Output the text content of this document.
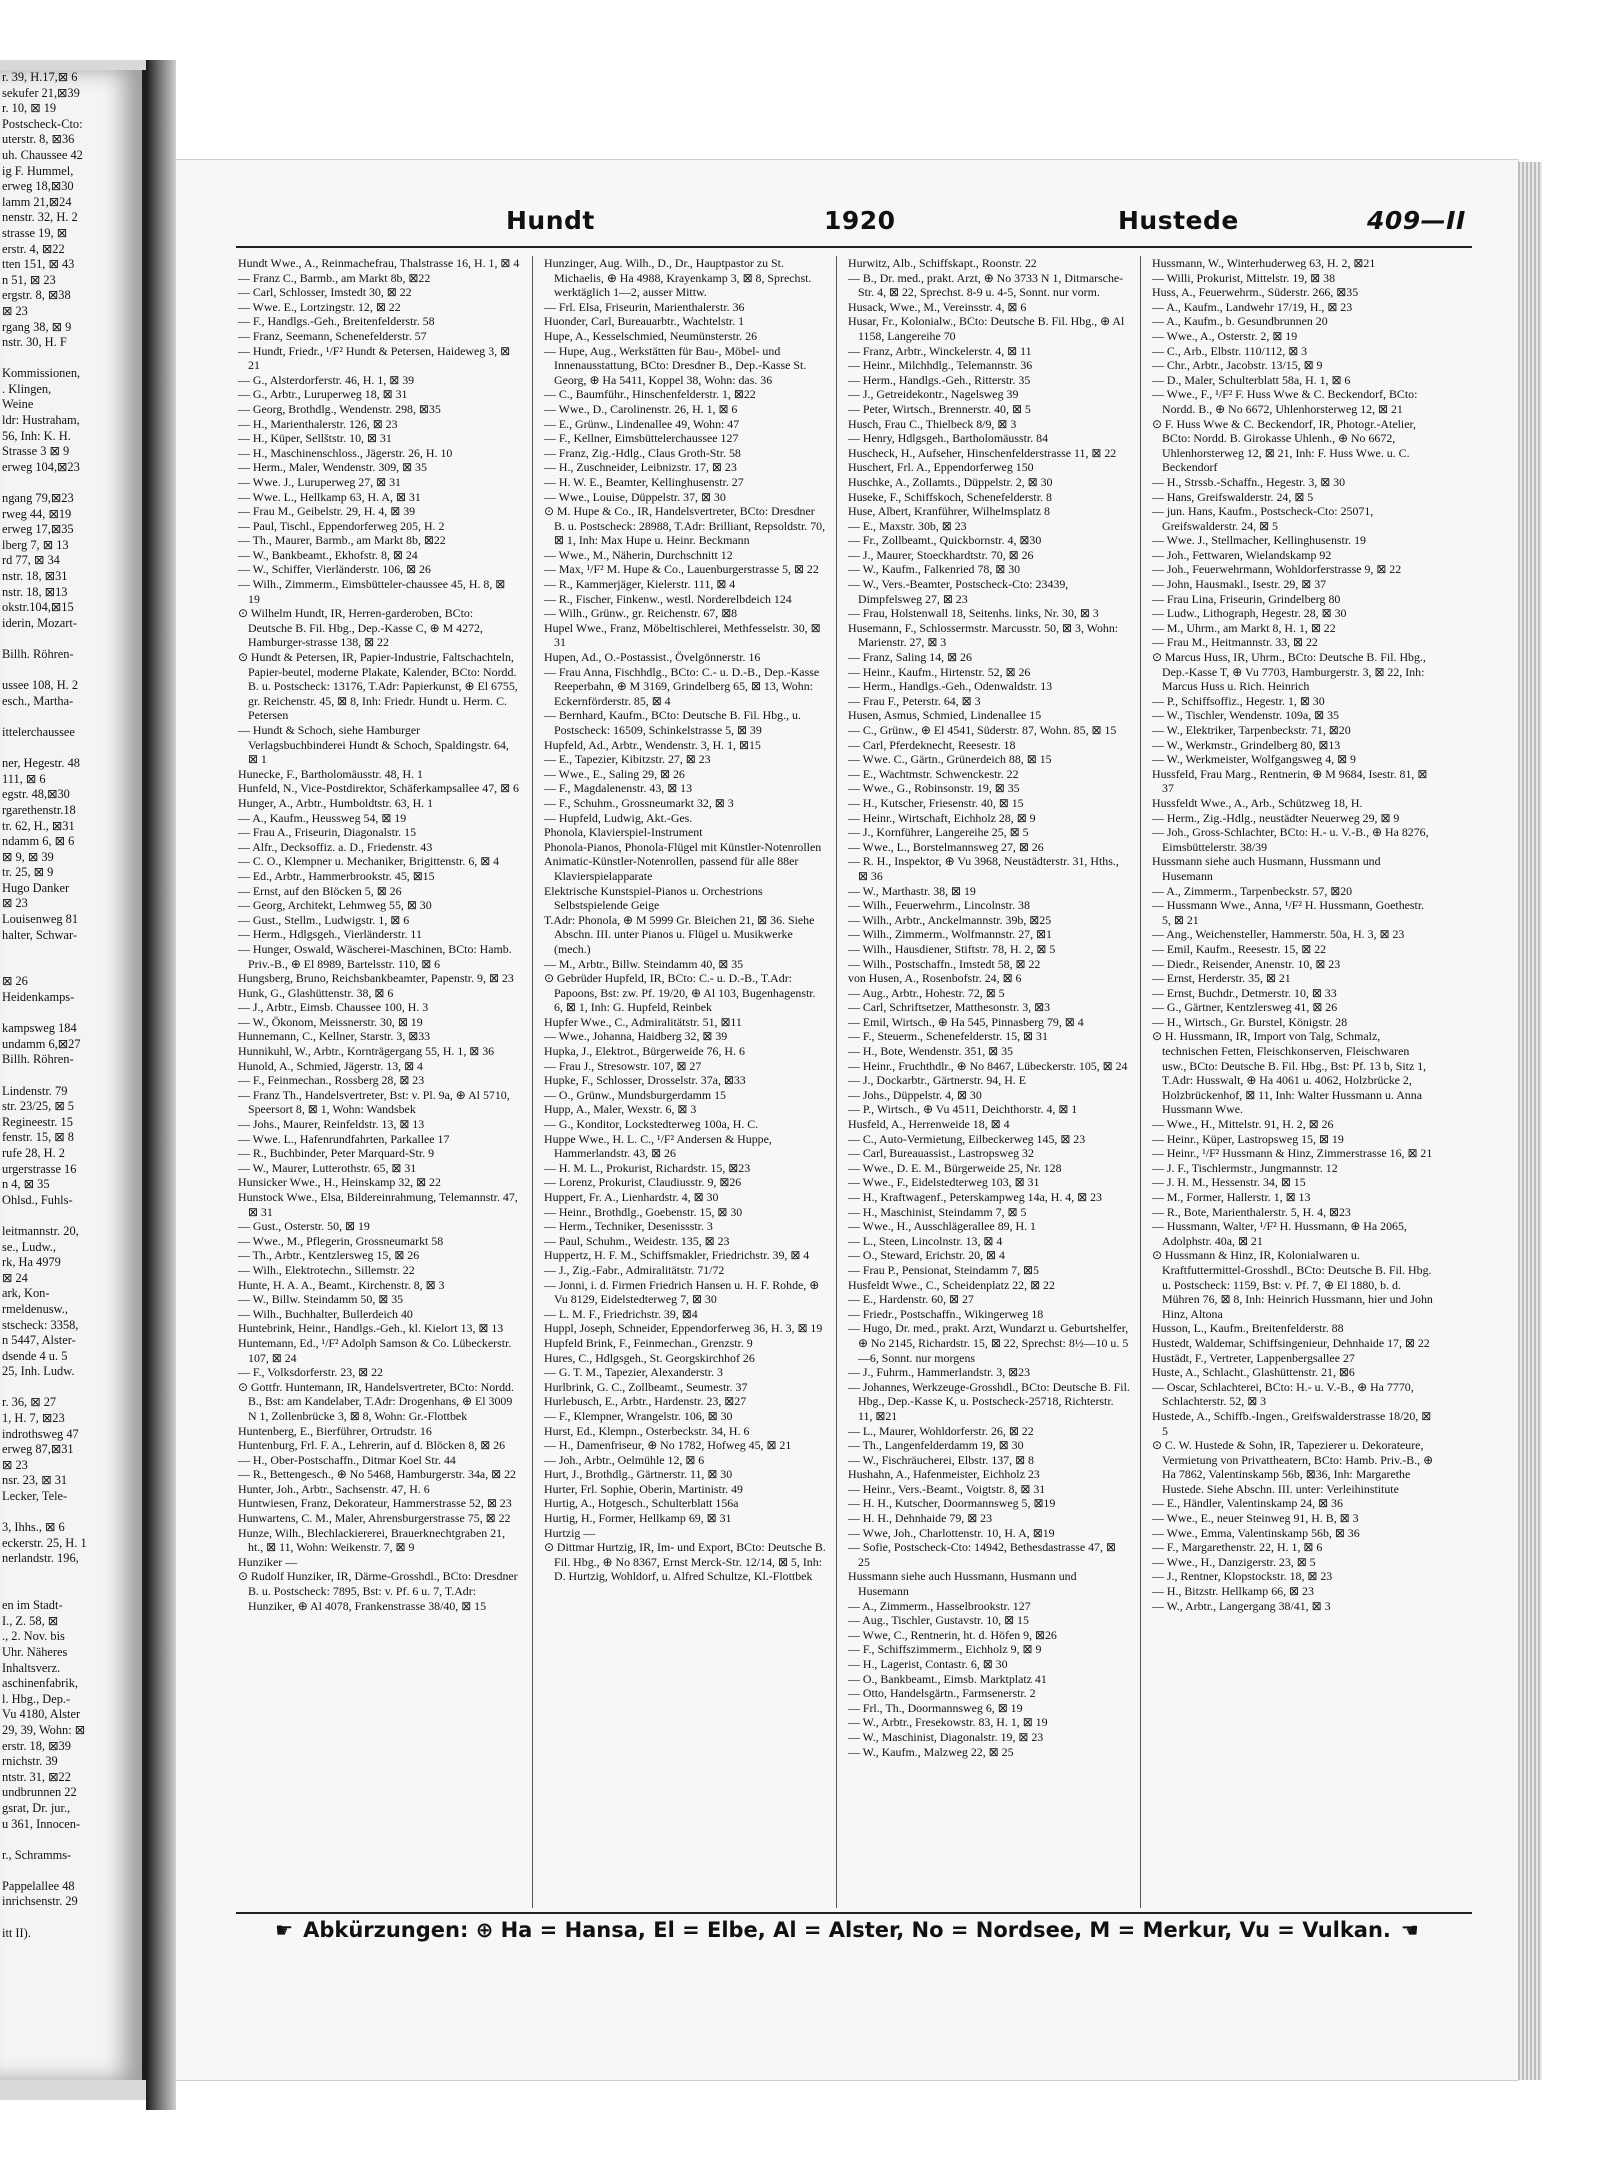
r. 39, H.17,⊠ 6
sekufer 21,⊠39
r. 10, ⊠ 19
Postscheck-Cto:
uterstr. 8, ⊠36
uh. Chaussee 42
ig F. Hummel,
erweg 18,⊠30
lamm 21,⊠24
nenstr. 32, H. 2
strasse 19, ⊠
erstr. 4, ⊠22
tten 151, ⊠ 43
n 51, ⊠ 23
ergstr. 8, ⊠38
⊠ 23
rgang 38, ⊠ 9
nstr. 30, H. F

Kommissionen,
. Klingen,
Weine
ldr: Hustraham,
56, Inh: K. H.
Strasse 3 ⊠ 9
erweg 104,⊠23

ngang 79,⊠23
rweg 44, ⊠19
erweg 17,⊠35
lberg 7, ⊠ 13
rd 77, ⊠ 34
nstr. 18, ⊠31
nstr. 18, ⊠13
okstr.104,⊠15
iderin, Mozart-

Billh. Röhren-

ussee 108, H. 2
esch., Martha-

ittelerchaussee

ner, Hegestr. 48
111, ⊠ 6
egstr. 48,⊠30
rgarethenstr.18
tr. 62, H., ⊠31
ndamm 6, ⊠ 6
⊠ 9, ⊠ 39
tr. 25, ⊠ 9
Hugo Danker
⊠ 23
Louisenweg 81
halter, Schwar-

⊠ 26
Heidenkamps-

kampsweg 184
undamm 6,⊠27
Billh. Röhren-

Lindenstr. 79
str. 23/25, ⊠ 5
Regineestr. 15
fenstr. 15, ⊠ 8
rufe 28, H. 2
urgerstrasse 16
n 4, ⊠ 35
Ohlsd., Fuhls-

leitmannstr. 20,
se., Ludw.,
rk, Ha 4979
⊠ 24
ark, Kon-
rmeldenusw.,
stscheck: 3358,
n 5447, Alster-
dsende 4 u. 5
25, Inh. Ludw.

r. 36, ⊠ 27
1, H. 7, ⊠23
indrothsweg 47
erweg 87,⊠31
⊠ 23
nsr. 23, ⊠ 31
Lecker, Tele-

3, Ihhs., ⊠ 6
eckerstr. 25, H. 1
nerlandstr. 196,

en im Stadt-
I., Z. 58, ⊠
., 2. Nov. bis
Uhr. Näheres
Inhaltsverz.
aschinenfabrik,
l. Hbg., Dep.-
Vu 4180, Alster
29, 39, Wohn: ⊠
erstr. 18, ⊠39
rnichstr. 39
ntstr. 31, ⊠22
undbrunnen 22
gsrat, Dr. jur.,
u 361, Innocen-

r., Schramms-

Pappelallee 48
inrichsenstr. 29

itt II).
Hundt	1920	Hustede	409—II

Hundt Wwe., A., Reinmachefrau, Thalstrasse 16, H. 1, ⊠ 4

— Franz C., Barmb., am Markt 8b, ⊠22

— Carl, Schlosser, Imstedt 30, ⊠ 22

— Wwe. E., Lortzingstr. 12, ⊠ 22

— F., Handlgs.-Geh., Breitenfelderstr. 58

— Franz, Seemann, Schenefelderstr. 57

— Hundt, Friedr., ¹/F² Hundt & Petersen, Haideweg 3, ⊠ 21

— G., Alsterdorferstr. 46, H. 1, ⊠ 39

— G., Arbtr., Luruperweg 18, ⊠ 31

— Georg, Brothdlg., Wendenstr. 298, ⊠35

— H., Marienthalerstr. 126, ⊠ 23

— H., Küper, Sellštstr. 10, ⊠ 31

— H., Maschinenschloss., Jägerstr. 26, H. 10

— Herm., Maler, Wendenstr. 309, ⊠ 35

— Wwe. J., Luruperweg 27, ⊠ 31

— Wwe. L., Hellkamp 63, H. A, ⊠ 31

— Frau M., Geibelstr. 29, H. 4, ⊠ 39

— Paul, Tischl., Eppendorferweg 205, H. 2

— Th., Maurer, Barmb., am Markt 8b, ⊠22

— W., Bankbeamt., Ekhofstr. 8, ⊠ 24

— W., Schiffer, Vierländerstr. 106, ⊠ 26

— Wilh., Zimmerm., Eimsbütteler-chaussee 45, H. 8, ⊠ 19

⊙ Wilhelm Hundt, IR, Herren-garderoben, BCto: Deutsche B. Fil. Hbg., Dep.-Kasse C, ⊕ M 4272, Hamburger-strasse 138, ⊠ 22

⊙ Hundt & Petersen, IR, Papier-Industrie, Faltschachteln, Papier-beutel, moderne Plakate, Kalender, BCto: Nordd. B. u. Postscheck: 13176, T.Adr: Papierkunst, ⊕ El 6755, gr. Reichenstr. 45, ⊠ 8, Inh: Friedr. Hundt u. Herm. C. Petersen

— Hundt & Schoch, siehe Hamburger Verlagsbuchbinderei Hundt & Schoch, Spaldingstr. 64, ⊠ 1

Hunecke, F., Bartholomäusstr. 48, H. 1

Hunfeld, N., Vice-Postdirektor, Schäferkampsallee 47, ⊠ 6

Hunger, A., Arbtr., Humboldtstr. 63, H. 1

— A., Kaufm., Heussweg 54, ⊠ 19

— Frau A., Friseurin, Diagonalstr. 15

— Alfr., Decksoffiz. a. D., Friedenstr. 43

— C. O., Klempner u. Mechaniker, Brigittenstr. 6, ⊠ 4

— Ed., Arbtr., Hammerbrookstr. 45, ⊠15

— Ernst, auf den Blöcken 5, ⊠ 26

— Georg, Architekt, Lehmweg 55, ⊠ 30

— Gust., Stellm., Ludwigstr. 1, ⊠ 6

— Herm., Hdlgsgeh., Vierländerstr. 11

— Hunger, Oswald, Wäscherei-Maschinen, BCto: Hamb. Priv.-B., ⊕ El 8989, Bartelsstr. 110, ⊠ 6

Hungsberg, Bruno, Reichsbankbeamter, Papenstr. 9, ⊠ 23

Hunk, G., Glashüttenstr. 38, ⊠ 6

— J., Arbtr., Eimsb. Chaussee 100, H. 3

— W., Ökonom, Meissnerstr. 30, ⊠ 19

Hunnemann, C., Kellner, Starstr. 3, ⊠33

Hunnikuhl, W., Arbtr., Kornträgergang 55, H. 1, ⊠ 36

Hunold, A., Schmied, Jägerstr. 13, ⊠ 4

— F., Feinmechan., Rossberg 28, ⊠ 23

— Franz Th., Handelsvertreter, Bst: v. Pl. 9a, ⊕ Al 5710, Speersort 8, ⊠ 1, Wohn: Wandsbek

— Johs., Maurer, Reinfeldstr. 13, ⊠ 13

— Wwe. L., Hafenrundfahrten, Parkallee 17

— R., Buchbinder, Peter Marquard-Str. 9

— W., Maurer, Lutterothstr. 65, ⊠ 31

Hunsicker Wwe., H., Heinskamp 32, ⊠ 22

Hunstock Wwe., Elsa, Bildereinrahmung, Telemannstr. 47, ⊠ 31

— Gust., Osterstr. 50, ⊠ 19

— Wwe., M., Pflegerin, Grossneumarkt 58

— Th., Arbtr., Kentzlersweg 15, ⊠ 26

— Wilh., Elektrotechn., Sillemstr. 22

Hunte, H. A. A., Beamt., Kirchenstr. 8, ⊠ 3

— W., Billw. Steindamm 50, ⊠ 35

— Wilh., Buchhalter, Bullerdeich 40

Huntebrink, Heinr., Handlgs.-Geh., kl. Kielort 13, ⊠ 13

Huntemann, Ed., ¹/F² Adolph Samson & Co. Lübeckerstr. 107, ⊠ 24

— F., Volksdorferstr. 23, ⊠ 22

⊙ Gottfr. Huntemann, IR, Handelsvertreter, BCto: Nordd. B., Bst: am Kandelaber, T.Adr: Drogenhans, ⊕ El 3009 N 1, Zollenbrücke 3, ⊠ 8, Wohn: Gr.-Flottbek

Huntenberg, E., Bierführer, Ortrudstr. 16

Huntenburg, Frl. F. A., Lehrerin, auf d. Blöcken 8, ⊠ 26

— H., Ober-Postschaffn., Ditmar Koel Str. 44

— R., Bettengesch., ⊕ No 5468, Hamburgerstr. 34a, ⊠ 22

Hunter, Joh., Arbtr., Sachsenstr. 47, H. 6

Huntwiesen, Franz, Dekorateur, Hammerstrasse 52, ⊠ 23

Hunwartens, C. M., Maler, Ahrensburgerstrasse 75, ⊠ 22

Hunze, Wilh., Blechlackiererei, Brauerknechtgraben 21, ht., ⊠ 11, Wohn: Weikenstr. 7, ⊠ 9

Hunziker —

⊙ Rudolf Hunziker, IR, Därme-Grosshdl., BCto: Dresdner B. u. Postscheck: 7895, Bst: v. Pf. 6 u. 7, T.Adr: Hunziker, ⊕ Al 4078, Frankenstrasse 38/40, ⊠ 15

Hunzinger, Aug. Wilh., D., Dr., Hauptpastor zu St. Michaelis, ⊕ Ha 4988, Krayenkamp 3, ⊠ 8, Sprechst. werktäglich 1—2, ausser Mittw.

— Frl. Elsa, Friseurin, Marienthalerstr. 36

Huonder, Carl, Bureauarbtr., Wachtelstr. 1

Hupe, A., Kesselschmied, Neumünsterstr. 26

— Hupe, Aug., Werkstätten für Bau-, Möbel- und Innenausstattung, BCto: Dresdner B., Dep.-Kasse St. Georg, ⊕ Ha 5411, Koppel 38, Wohn: das. 36

— C., Baumführ., Hinschenfelderstr. 1, ⊠22

— Wwe., D., Carolinenstr. 26, H. 1, ⊠ 6

— E., Grünw., Lindenallee 49, Wohn: 47

— F., Kellner, Eimsbüttelerchaussee 127

— Franz, Zig.-Hdlg., Claus Groth-Str. 58

— H., Zuschneider, Leibnizstr. 17, ⊠ 23

— H. W. E., Beamter, Kellinghusenstr. 27

— Wwe., Louise, Düppelstr. 37, ⊠ 30

⊙ M. Hupe & Co., IR, Handelsvertreter, BCto: Dresdner B. u. Postscheck: 28988, T.Adr: Brilliant, Repsoldstr. 70, ⊠ 1, Inh: Max Hupe u. Heinr. Beckmann

— Wwe., M., Näherin, Durchschnitt 12

— Max, ¹/F² M. Hupe & Co., Lauenburgerstrasse 5, ⊠ 22

— R., Kammerjäger, Kielerstr. 111, ⊠ 4

— R., Fischer, Finkenw., westl. Norderelbdeich 124

— Wilh., Grünw., gr. Reichenstr. 67, ⊠8

Hupel Wwe., Franz, Möbeltischlerei, Methfesselstr. 30, ⊠ 31

Hupen, Ad., O.-Postassist., Övelgönnerstr. 16

— Frau Anna, Fischhdlg., BCto: C.- u. D.-B., Dep.-Kasse Reeperbahn, ⊕ M 3169, Grindelberg 65, ⊠ 13, Wohn: Eckernförderstr. 85, ⊠ 4

— Bernhard, Kaufm., BCto: Deutsche B. Fil. Hbg., u. Postscheck: 16509, Schinkelstrasse 5, ⊠ 39

Hupfeld, Ad., Arbtr., Wendenstr. 3, H. 1, ⊠15

— E., Tapezier, Kibitzstr. 27, ⊠ 23

— Wwe., E., Saling 29, ⊠ 26

— F., Magdalenenstr. 43, ⊠ 13

— F., Schuhm., Grossneumarkt 32, ⊠ 3

— Hupfeld, Ludwig, Akt.-Ges.

Phonola, Klavierspiel-Instrument

Phonola-Pianos, Phonola-Flügel mit Künstler-Notenrollen

Animatic-Künstler-Notenrollen, passend für alle 88er Klavierspielapparate

Elektrische Kunstspiel-Pianos u. Orchestrions Selbstspielende Geige

T.Adr: Phonola, ⊕ M 5999 Gr. Bleichen 21, ⊠ 36. Siehe Abschn. III. unter Pianos u. Flügel u. Musikwerke (mech.)

— M., Arbtr., Billw. Steindamm 40, ⊠ 35

⊙ Gebrüder Hupfeld, IR, BCto: C.- u. D.-B., T.Adr: Papoons, Bst: zw. Pf. 19/20, ⊕ Al 103, Bugenhagenstr. 6, ⊠ 1, Inh: G. Hupfeld, Reinbek

Hupfer Wwe., C., Admiralitätstr. 51, ⊠11

— Wwe., Johanna, Haidberg 32, ⊠ 39

Hupka, J., Elektrot., Bürgerweide 76, H. 6

— Frau J., Stresowstr. 107, ⊠ 27

Hupke, F., Schlosser, Drosselstr. 37a, ⊠33

— O., Grünw., Mundsburgerdamm 15

Hupp, A., Maler, Wexstr. 6, ⊠ 3

— G., Konditor, Lockstedterweg 100a, H. C.

Huppe Wwe., H. L. C., ¹/F² Andersen & Huppe, Hammerlandstr. 43, ⊠ 26

— H. M. L., Prokurist, Richardstr. 15, ⊠23

— Lorenz, Prokurist, Claudiusstr. 9, ⊠26

Huppert, Fr. A., Lienhardstr. 4, ⊠ 30

— Heinr., Brothdlg., Goebenstr. 15, ⊠ 30

— Herm., Techniker, Desenissstr. 3

— Paul, Schuhm., Weidestr. 135, ⊠ 23

Huppertz, H. F. M., Schiffsmakler, Friedrichstr. 39, ⊠ 4

— J., Zig.-Fabr., Admiralitätstr. 71/72

— Jonni, i. d. Firmen Friedrich Hansen u. H. F. Rohde, ⊕ Vu 8129, Eidelstedterweg 7, ⊠ 30

— L. M. F., Friedrichstr. 39, ⊠4

Huppl, Joseph, Schneider, Eppendorferweg 36, H. 3, ⊠ 19

Hupfeld Brink, F., Feinmechan., Grenzstr. 9

Hures, C., Hdlgsgeh., St. Georgskirchhof 26

— G. T. M., Tapezier, Alexanderstr. 3

Hurlbrink, G. C., Zollbeamt., Seumestr. 37

Hurlebusch, E., Arbtr., Hardenstr. 23, ⊠27

— F., Klempner, Wrangelstr. 106, ⊠ 30

Hurst, Ed., Klempn., Osterbeckstr. 34, H. 6

— H., Damenfriseur, ⊕ No 1782, Hofweg 45, ⊠ 21

— Joh., Arbtr., Oelmühle 12, ⊠ 6

Hurt, J., Brothdlg., Gärtnerstr. 11, ⊠ 30

Hurter, Frl. Sophie, Oberin, Martinistr. 49

Hurtig, A., Hotgesch., Schulterblatt 156a

Hurtig, H., Former, Hellkamp 69, ⊠ 31

Hurtzig —

⊙ Dittmar Hurtzig, IR, Im- und Export, BCto: Deutsche B. Fil. Hbg., ⊕ No 8367, Ernst Merck-Str. 12/14, ⊠ 5, Inh: D. Hurtzig, Wohldorf, u. Alfred Schultze, Kl.-Flottbek

Hurwitz, Alb., Schiffskapt., Roonstr. 22

— B., Dr. med., prakt. Arzt, ⊕ No 3733 N 1, Ditmarsche-Str. 4, ⊠ 22, Sprechst. 8-9 u. 4-5, Sonnt. nur vorm.

Husack, Wwe., M., Vereinsstr. 4, ⊠ 6

Husar, Fr., Kolonialw., BCto: Deutsche B. Fil. Hbg., ⊕ Al 1158, Langereihe 70

— Franz, Arbtr., Winckelerstr. 4, ⊠ 11

— Heinr., Milchhdlg., Telemannstr. 36

— Herm., Handlgs.-Geh., Ritterstr. 35

— J., Getreidekontr., Nagelsweg 39

— Peter, Wirtsch., Brennerstr. 40, ⊠ 5

Husch, Frau C., Thielbeck 8/9, ⊠ 3

— Henry, Hdlgsgeh., Bartholomäusstr. 84

Huscheck, H., Aufseher, Hinschenfelderstrasse 11, ⊠ 22

Huschert, Frl. A., Eppendorferweg 150

Huschke, A., Zollamts., Düppelstr. 2, ⊠ 30

Huseke, F., Schiffskoch, Schenefelderstr. 8

Huse, Albert, Kranführer, Wilhelmsplatz 8

— E., Maxstr. 30b, ⊠ 23

— Fr., Zollbeamt., Quickbornstr. 4, ⊠30

— J., Maurer, Stoeckhardtstr. 70, ⊠ 26

— W., Kaufm., Falkenried 78, ⊠ 30

— W., Vers.-Beamter, Postscheck-Cto: 23439, Dimpfelsweg 27, ⊠ 23

— Frau, Holstenwall 18, Seitenhs. links, Nr. 30, ⊠ 3

Husemann, F., Schlossermstr. Marcusstr. 50, ⊠ 3, Wohn: Marienstr. 27, ⊠ 3

— Franz, Saling 14, ⊠ 26

— Heinr., Kaufm., Hirtenstr. 52, ⊠ 26

— Herm., Handlgs.-Geh., Odenwaldstr. 13

— Frau F., Peterstr. 64, ⊠ 3

Husen, Asmus, Schmied, Lindenallee 15

— C., Grünw., ⊕ El 4541, Süderstr. 87, Wohn. 85, ⊠ 15

— Carl, Pferdeknecht, Reesestr. 18

— Wwe. C., Gärtn., Grünerdeich 88, ⊠ 15

— E., Wachtmstr. Schwenckestr. 22

— Wwe., G., Robinsonstr. 19, ⊠ 35

— H., Kutscher, Friesenstr. 40, ⊠ 15

— Heinr., Wirtschaft, Eichholz 28, ⊠ 9

— J., Kornführer, Langereihe 25, ⊠ 5

— Wwe., L., Borstelmannsweg 27, ⊠ 26

— R. H., Inspektor, ⊕ Vu 3968, Neustädterstr. 31, Hths., ⊠ 36

— W., Marthastr. 38, ⊠ 19

— Wilh., Feuerwehrm., Lincolnstr. 38

— Wilh., Arbtr., Anckelmannstr. 39b, ⊠25

— Wilh., Zimmerm., Wolfmannstr. 27, ⊠1

— Wilh., Hausdiener, Stiftstr. 78, H. 2, ⊠ 5

— Wilh., Postschaffn., Imstedt 58, ⊠ 22

von Husen, A., Rosenbofstr. 24, ⊠ 6

— Aug., Arbtr., Hohestr. 72, ⊠ 5

— Carl, Schriftsetzer, Matthesonstr. 3, ⊠3

— Emil, Wirtsch., ⊕ Ha 545, Pinnasberg 79, ⊠ 4

— F., Steuerm., Schenefelderstr. 15, ⊠ 31

— H., Bote, Wendenstr. 351, ⊠ 35

— Heinr., Fruchthdlr., ⊕ No 8467, Lübeckerstr. 105, ⊠ 24

— J., Dockarbtr., Gärtnerstr. 94, H. E

— Johs., Düppelstr. 4, ⊠ 30

— P., Wirtsch., ⊕ Vu 4511, Deichthorstr. 4, ⊠ 1

Husfeld, A., Herrenweide 18, ⊠ 4

— C., Auto-Vermietung, Eilbeckerweg 145, ⊠ 23

— Carl, Bureauassist., Lastropsweg 32

— Wwe., D. E. M., Bürgerweide 25, Nr. 128

— Wwe., F., Eidelstedterweg 103, ⊠ 31

— H., Kraftwagenf., Peterskampweg 14a, H. 4, ⊠ 23

— H., Maschinist, Steindamm 7, ⊠ 5

— Wwe., H., Ausschlägerallee 89, H. 1

— L., Steen, Lincolnstr. 13, ⊠ 4

— O., Steward, Erichstr. 20, ⊠ 4

— Frau P., Pensionat, Steindamm 7, ⊠5

Husfeldt Wwe., C., Scheidenplatz 22, ⊠ 22

— E., Hardenstr. 60, ⊠ 27

— Friedr., Postschaffn., Wikingerweg 18

— Hugo, Dr. med., prakt. Arzt, Wundarzt u. Geburtshelfer, ⊕ No 2145, Richardstr. 15, ⊠ 22, Sprechst: 8½—10 u. 5—6, Sonnt. nur morgens

— J., Fuhrm., Hammerlandstr. 3, ⊠23

— Johannes, Werkzeuge-Grosshdl., BCto: Deutsche B. Fil. Hbg., Dep.-Kasse K, u. Postscheck-25718, Richterstr. 11, ⊠21

— L., Maurer, Wohldorferstr. 26, ⊠ 22

— Th., Langenfelderdamm 19, ⊠ 30

— W., Fischräucherei, Elbstr. 137, ⊠ 8

Hushahn, A., Hafenmeister, Eichholz 23

— Heinr., Vers.-Beamt., Voigtstr. 8, ⊠ 31

— H. H., Kutscher, Doormannsweg 5, ⊠19

— H. H., Dehnhaide 79, ⊠ 23

— Wwe, Joh., Charlottenstr. 10, H. A, ⊠19

— Sofie, Postscheck-Cto: 14942, Bethesdastrasse 47, ⊠ 25

Hussmann siehe auch Hussmann, Husmann und Husemann

— A., Zimmerm., Hasselbrookstr. 127

— Aug., Tischler, Gustavstr. 10, ⊠ 15

— Wwe, C., Rentnerin, ht. d. Höfen 9, ⊠26

— F., Schiffszimmerm., Eichholz 9, ⊠ 9

— H., Lagerist, Contastr. 6, ⊠ 30

— O., Bankbeamt., Eimsb. Marktplatz 41

— Otto, Handelsgärtn., Farmsenerstr. 2

— Frl., Th., Doormannsweg 6, ⊠ 19

— W., Arbtr., Fresekowstr. 83, H. 1, ⊠ 19

— W., Maschinist, Diagonalstr. 19, ⊠ 23

— W., Kaufm., Malzweg 22, ⊠ 25

Hussmann, W., Winterhuderweg 63, H. 2, ⊠21

— Willi, Prokurist, Mittelstr. 19, ⊠ 38

Huss, A., Feuerwehrm., Süderstr. 266, ⊠35

— A., Kaufm., Landwehr 17/19, H., ⊠ 23

— A., Kaufm., b. Gesundbrunnen 20

— Wwe., A., Osterstr. 2, ⊠ 19

— C., Arb., Elbstr. 110/112, ⊠ 3

— Chr., Arbtr., Jacobstr. 13/15, ⊠ 9

— D., Maler, Schulterblatt 58a, H. 1, ⊠ 6

— Wwe., F., ¹/F² F. Huss Wwe & C. Beckendorf, BCto: Nordd. B., ⊕ No 6672, Uhlenhorsterweg 12, ⊠ 21

⊙ F. Huss Wwe & C. Beckendorf, IR, Photogr.-Atelier, BCto: Nordd. B. Girokasse Uhlenh., ⊕ No 6672, Uhlenhorsterweg 12, ⊠ 21, Inh: F. Huss Wwe. u. C. Beckendorf

— H., Strssb.-Schaffn., Hegestr. 3, ⊠ 30

— Hans, Greifswalderstr. 24, ⊠ 5

— jun. Hans, Kaufm., Postscheck-Cto: 25071, Greifswalderstr. 24, ⊠ 5

— Wwe. J., Stellmacher, Kellinghusenstr. 19

— Joh., Fettwaren, Wielandskamp 92

— Joh., Feuerwehrmann, Wohldorferstrasse 9, ⊠ 22

— John, Hausmakl., Isestr. 29, ⊠ 37

— Frau Lina, Friseurin, Grindelberg 80

— Ludw., Lithograph, Hegestr. 28, ⊠ 30

— M., Uhrm., am Markt 8, H. 1, ⊠ 22

— Frau M., Heitmannstr. 33, ⊠ 22

⊙ Marcus Huss, IR, Uhrm., BCto: Deutsche B. Fil. Hbg., Dep.-Kasse T, ⊕ Vu 7703, Hamburgerstr. 3, ⊠ 22, Inh: Marcus Huss u. Rich. Heinrich

— P., Schiffsoffiz., Hegestr. 1, ⊠ 30

— W., Tischler, Wendenstr. 109a, ⊠ 35

— W., Elektriker, Tarpenbeckstr. 71, ⊠20

— W., Werkmstr., Grindelberg 80, ⊠13

— W., Werkmeister, Wolfgangsweg 4, ⊠ 9

Hussfeld, Frau Marg., Rentnerin, ⊕ M 9684, Isestr. 81, ⊠ 37

Hussfeldt Wwe., A., Arb., Schützweg 18, H.

— Herm., Zig.-Hdlg., neustädter Neuerweg 29, ⊠ 9

— Joh., Gross-Schlachter, BCto: H.- u. V.-B., ⊕ Ha 8276, Eimsbüttelerstr. 38/39

Hussmann siehe auch Husmann, Hussmann und Husemann

— A., Zimmerm., Tarpenbeckstr. 57, ⊠20

— Hussmann Wwe., Anna, ¹/F² H. Hussmann, Goethestr. 5, ⊠ 21

— Ang., Weichensteller, Hammerstr. 50a, H. 3, ⊠ 23

— Emil, Kaufm., Reesestr. 15, ⊠ 22

— Diedr., Reisender, Anenstr. 10, ⊠ 23

— Ernst, Herderstr. 35, ⊠ 21

— Ernst, Buchdr., Detmerstr. 10, ⊠ 33

— G., Gärtner, Kentzlersweg 41, ⊠ 26

— H., Wirtsch., Gr. Burstel, Königstr. 28

⊙ H. Hussmann, IR, Import von Talg, Schmalz, technischen Fetten, Fleischkonserven, Fleischwaren usw., BCto: Deutsche B. Fil. Hbg., Bst: Pf. 13 b, Sitz 1, T.Adr: Husswalt, ⊕ Ha 4061 u. 4062, Holzbrücke 2, Holzbrückenhof, ⊠ 11, Inh: Walter Hussmann u. Anna Hussmann Wwe.

— Wwe., H., Mittelstr. 91, H. 2, ⊠ 26

— Heinr., Küper, Lastropsweg 15, ⊠ 19

— Heinr., ¹/F² Hussmann & Hinz, Zimmerstrasse 16, ⊠ 21

— J. F., Tischlermstr., Jungmannstr. 12

— J. H. M., Hessenstr. 34, ⊠ 15

— M., Former, Hallerstr. 1, ⊠ 13

— R., Bote, Marienthalerstr. 5, H. 4, ⊠23

— Hussmann, Walter, ¹/F² H. Hussmann, ⊕ Ha 2065, Adolphstr. 40a, ⊠ 21

⊙ Hussmann & Hinz, IR, Kolonialwaren u. Kraftfuttermittel-Grosshdl., BCto: Deutsche B. Fil. Hbg. u. Postscheck: 1159, Bst: v. Pf. 7, ⊕ El 1880, b. d. Mühren 76, ⊠ 8, Inh: Heinrich Hussmann, hier und John Hinz, Altona

Husson, L., Kaufm., Breitenfelderstr. 88

Hustedt, Waldemar, Schiffsingenieur, Dehnhaide 17, ⊠ 22

Hustädt, F., Vertreter, Lappenbergsallee 27

Huste, A., Schlacht., Glashüttenstr. 21, ⊠6

— Oscar, Schlachterei, BCto: H.- u. V.-B., ⊕ Ha 7770, Schlachterstr. 52, ⊠ 3

Hustede, A., Schiffb.-Ingen., Greifswalderstrasse 18/20, ⊠ 5

⊙ C. W. Hustede & Sohn, IR, Tapezierer u. Dekorateure, Vermietung von Privattheatern, BCto: Hamb. Priv.-B., ⊕ Ha 7862, Valentinskamp 56b, ⊠36, Inh: Margarethe Hustede. Siehe Abschn. III. unter: Verleihinstitute

— E., Händler, Valentinskamp 24, ⊠ 36

— Wwe., E., neuer Steinweg 91, H. B, ⊠ 3

— Wwe., Emma, Valentinskamp 56b, ⊠ 36

— F., Margarethenstr. 22, H. 1, ⊠ 6

— Wwe., H., Danzigerstr. 23, ⊠ 5

— J., Rentner, Klopstockstr. 18, ⊠ 23

— H., Bitzstr. Hellkamp 66, ⊠ 23

— W., Arbtr., Langergang 38/41, ⊠ 3

☛ Abkürzungen: ⊕ Ha = Hansa, El = Elbe, Al = Alster, No = Nordsee, M = Merkur, Vu = Vulkan. ☚
